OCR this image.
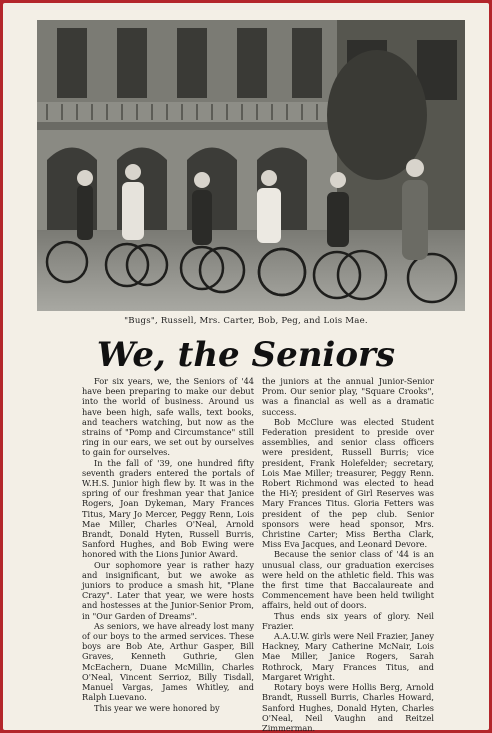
"Bugs", Russell, Mrs. Carter, Bob, Peg, and Lois Mae.
We, the Seniors

For six years, we, the Seniors of '44 have been preparing to make our debut into the world of business. Around us have been high, safe walls, text books, and teachers watching, but now as the strains of "Pomp and Circumstance" still ring in our ears, we set out by ourselves to gain for ourselves.

In the fall of '39, one hundred fifty seventh graders entered the portals of W.H.S. Junior high flew by. It was in the spring of our freshman year that Janice Rogers, Joan Dykeman, Mary Frances Titus, Mary Jo Mercer, Peggy Renn, Lois Mae Miller, Charles O'Neal, Arnold Brandt, Donald Hyten, Russell Burris, Sanford Hughes, and Bob Ewing were honored with the Lions Junior Award.

Our sophomore year is rather hazy and insignificant, but we awoke as juniors to produce a smash hit, "Plane Crazy". Later that year, we were hosts and hostesses at the Junior-Senior Prom, in "Our Garden of Dreams".

As seniors, we have already lost many of our boys to the armed services. These boys are Bob Ate, Arthur Gasper, Bill Graves, Kenneth Guthrie, Glen McEachern, Duane McMillin, Charles O'Neal, Vincent Serrioz, Billy Tisdall, Manuel Vargas, James Whitley, and Ralph Luevano.

This year we were honored by

the juniors at the annual Junior-Senior Prom. Our senior play, "Square Crooks", was a financial as well as a dramatic success.

Bob McClure was elected Student Federation president to preside over assemblies, and senior class officers were president, Russell Burris; vice president, Frank Holefelder; secretary, Lois Mae Miller; treasurer, Peggy Renn. Robert Richmond was elected to head the Hi-Y; president of Girl Reserves was Mary Frances Titus. Gloria Fetters was president of the pep club. Senior sponsors were head sponsor, Mrs. Christine Carter; Miss Bertha Clark, Miss Eva Jacques, and Leonard Devore.

Because the senior class of '44 is an unusual class, our graduation exercises were held on the athletic field. This was the first time that Baccalaureate and Commencement have been held twilight affairs, held out of doors.

Thus ends six years of glory. Neil Frazier.

A.A.U.W. girls were Neil Frazier, Janey Hackney, Mary Catherine McNair, Lois Mae Miller, Janice Rogers, Sarah Rothrock, Mary Frances Titus, and Margaret Wright.

Rotary boys were Hollis Berg, Arnold Brandt, Russell Burris, Charles Howard, Sanford Hughes, Donald Hyten, Charles O'Neal, Neil Vaughn and Reitzel Zimmerman.
